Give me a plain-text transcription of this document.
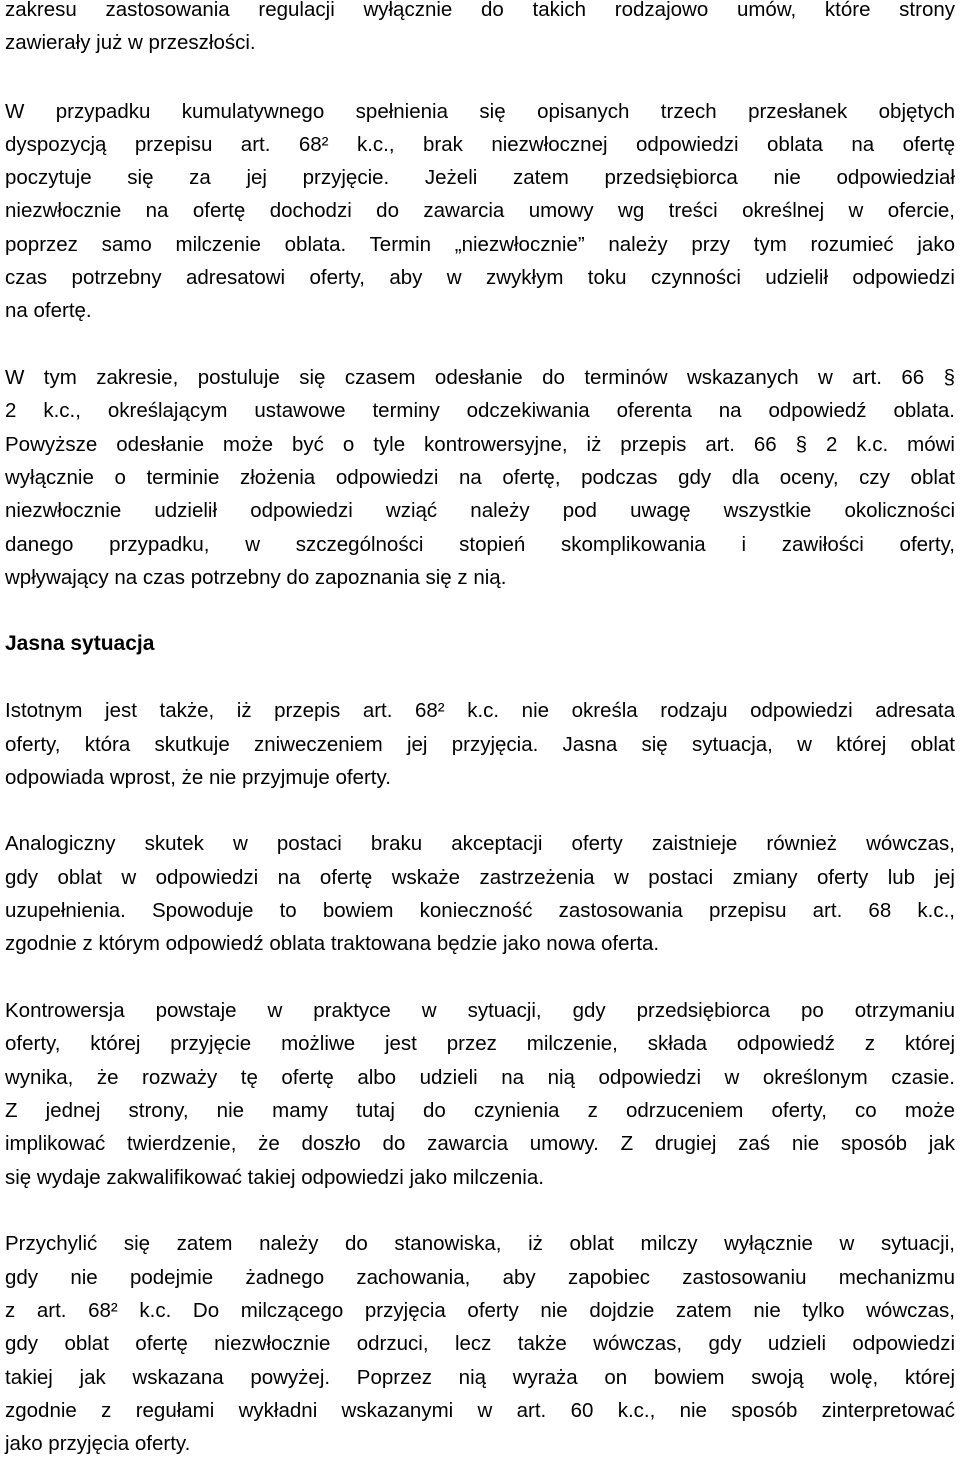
zakresu zastosowania regulacji wyłącznie do takich rodzajowo umów, które strony
zawierały już w przeszłości.
W przypadku kumulatywnego spełnienia się opisanych trzech przesłanek objętych
dyspozycją przepisu art. 68² k.c., brak niezwłocznej odpowiedzi oblata na ofertę
poczytuje się za jej przyjęcie. Jeżeli zatem przedsiębiorca nie odpowiedział
niezwłocznie na ofertę dochodzi do zawarcia umowy wg treści określnej w ofercie,
poprzez samo milczenie oblata. Termin „niezwłocznie” należy przy tym rozumieć jako
czas potrzebny adresatowi oferty, aby w zwykłym toku czynności udzielił odpowiedzi
na ofertę.
W tym zakresie, postuluje się czasem odesłanie do terminów wskazanych w art. 66 §
2 k.c., określającym ustawowe terminy odczekiwania oferenta na odpowiedź oblata.
Powyższe odesłanie może być o tyle kontrowersyjne, iż przepis art. 66 § 2 k.c. mówi
wyłącznie o terminie złożenia odpowiedzi na ofertę, podczas gdy dla oceny, czy oblat
niezwłocznie udzielił odpowiedzi wziąć należy pod uwagę wszystkie okoliczności
danego przypadku, w szczególności stopień skomplikowania i zawiłości oferty,
wpływający na czas potrzebny do zapoznania się z nią.
Jasna sytuacja
Istotnym jest także, iż przepis art. 68² k.c. nie określa rodzaju odpowiedzi adresata
oferty, która skutkuje zniweczeniem jej przyjęcia. Jasna się sytuacja, w której oblat
odpowiada wprost, że nie przyjmuje oferty.
Analogiczny skutek w postaci braku akceptacji oferty zaistnieje również wówczas,
gdy oblat w odpowiedzi na ofertę wskaże zastrzeżenia w postaci zmiany oferty lub jej
uzupełnienia. Spowoduje to bowiem konieczność zastosowania przepisu art. 68 k.c.,
zgodnie z którym odpowiedź oblata traktowana będzie jako nowa oferta.
Kontrowersja powstaje w praktyce w sytuacji, gdy przedsiębiorca po otrzymaniu
oferty, której przyjęcie możliwe jest przez milczenie, składa odpowiedź z której
wynika, że rozważy tę ofertę albo udzieli na nią odpowiedzi w określonym czasie.
Z jednej strony, nie mamy tutaj do czynienia z odrzuceniem oferty, co może
implikować twierdzenie, że doszło do zawarcia umowy. Z drugiej zaś nie sposób jak
się wydaje zakwalifikować takiej odpowiedzi jako milczenia.
Przychylić się zatem należy do stanowiska, iż oblat milczy wyłącznie w sytuacji,
gdy nie podejmie żadnego zachowania, aby zapobiec zastosowaniu mechanizmu
z art. 68² k.c. Do milczącego przyjęcia oferty nie dojdzie zatem nie tylko wówczas,
gdy oblat ofertę niezwłocznie odrzuci, lecz także wówczas, gdy udzieli odpowiedzi
takiej jak wskazana powyżej. Poprzez nią wyraża on bowiem swoją wolę, której
zgodnie z regułami wykładni wskazanymi w art. 60 k.c., nie sposób zinterpretować
jako przyjęcia oferty.
